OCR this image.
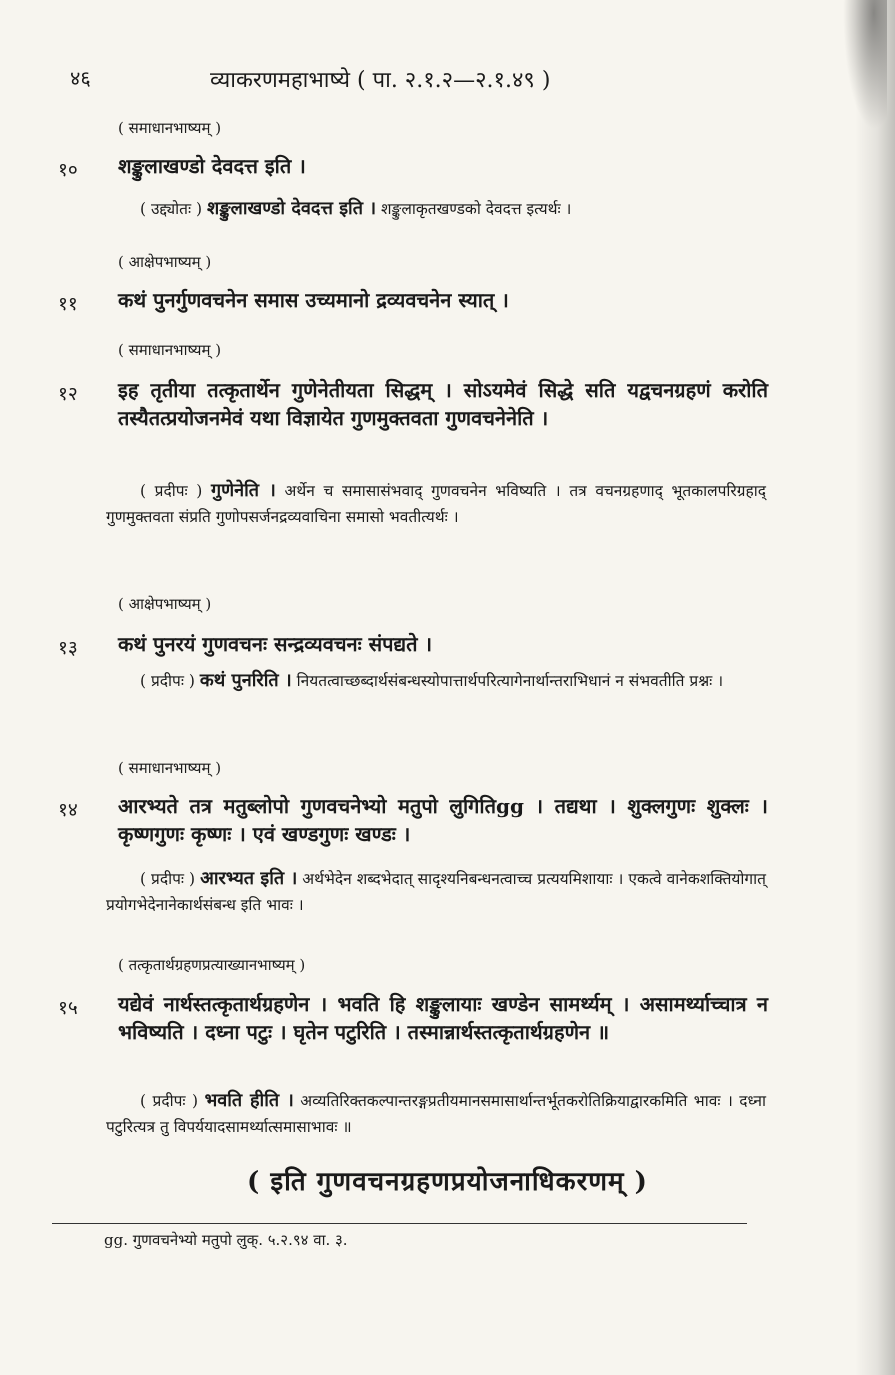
४६	व्याकरणमहाभाष्ये ( पा. २.१.२—२.१.४९ )
( समाधानभाष्यम् )
१० शङ्कुलाखण्डो देवदत्त इति ।
( उद्द्योतः ) शङ्कुलाखण्डो देवदत्त इति । शङ्कुलाकृतखण्डको देवदत्त इत्यर्थः ।
( आक्षेपभाष्यम् )
११ कथं पुनर्गुणवचनेन समास उच्यमानो द्रव्यवचनेन स्यात् ।
( समाधानभाष्यम् )
१२ इह तृतीया तत्कृतार्थेन गुणेनेतीयता सिद्धम् । सोऽयमेवं सिद्धे सति यद्वचनग्रहणं करोति तस्यैतत्प्रयोजनमेवं यथा विज्ञायेत गुणमुक्तवता गुणवचनेनेति ।
( प्रदीपः ) गुणेनेति । अर्थेन च समासासंभवाद् गुणवचनेन भविष्यति । तत्र वचनग्रहणाद् भूतकालपरिग्रहाद् गुणमुक्तवता संप्रति गुणोपसर्जनद्रव्यवाचिना समासो भवतीत्यर्थः ।
( आक्षेपभाष्यम् )
१३ कथं पुनरयं गुणवचनः सन्द्रव्यवचनः संपद्यते ।
( प्रदीपः ) कथं पुनरिति । नियतत्वाच्छब्दार्थसंबन्धस्योपात्तार्थपरित्यागेनार्थान्तराभिधानं न संभवतीति प्रश्नः ।
( समाधानभाष्यम् )
१४ आरभ्यते तत्र मतुब्लोपो गुणवचनेभ्यो मतुपो लुगितिgg । तद्यथा । शुक्लगुणः शुक्लः । कृष्णगुणः कृष्णः । एवं खण्डगुणः खण्डः ।
( प्रदीपः ) आरभ्यत इति । अर्थभेदेन शब्दभेदात् सादृश्यनिबन्धनत्वाच्च प्रत्ययमिशायाः । एकत्वे वानेकशक्तियोगात् प्रयोगभेदेनानेकार्थसंबन्ध इति भावः ।
( तत्कृतार्थग्रहणप्रत्याख्यानभाष्यम् )
१५ यद्येवं नार्थस्तत्कृतार्थग्रहणेन । भवति हि शङ्कुलायाः खण्डेन सामर्थ्यम् । असामर्थ्याच्चात्र न भविष्यति । दध्ना पटुः । घृतेन पटुरिति । तस्मान्नार्थस्तत्कृतार्थग्रहणेन ॥
( प्रदीपः ) भवति हीति । अव्यतिरिक्तकल्पान्तरङ्गप्रतीयमानसमासार्थान्तर्भूतकरोतिक्रियाद्वारकमिति भावः । दध्ना पटुरित्यत्र तु विपर्ययादसामर्थ्यात्समासाभावः ॥
( इति गुणवचनग्रहणप्रयोजनाधिकरणम् )
gg. गुणवचनेभ्यो मतुपो लुक्. ५.२.९४ वा. ३.
